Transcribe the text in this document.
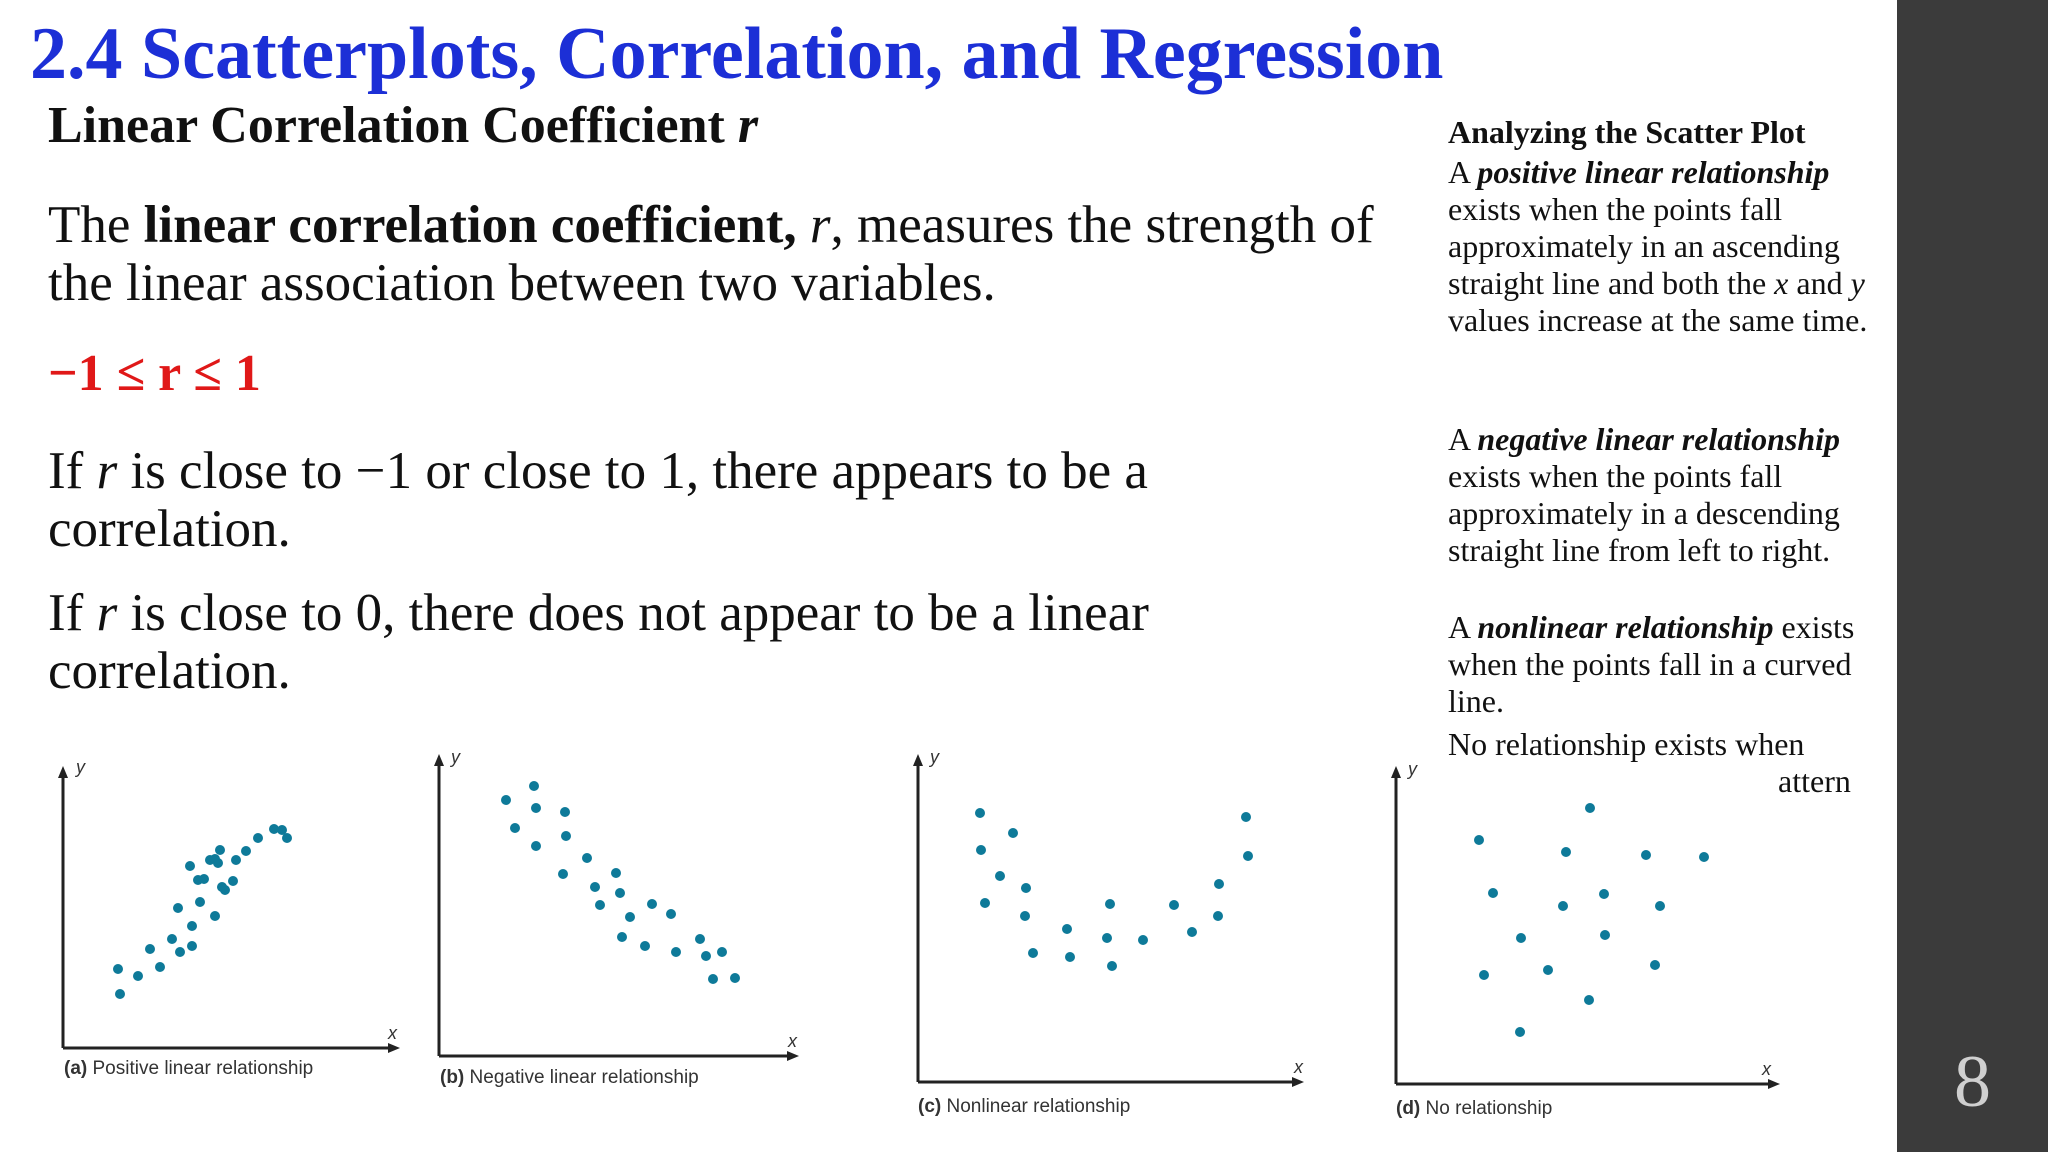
8
2.4 Scatterplots, Correlation, and Regression
Linear Correlation Coefficient r
The linear correlation coefficient, r, measures the strength of the linear association between two variables.
−1 ≤ r ≤ 1
If r is close to −1 or close to 1, there appears to be a correlation.
If r is close to 0, there does not appear to be a linear correlation.
Analyzing the Scatter Plot
A positive linear relationship exists when the points fall approximately in an ascending straight line and both the x and y values increase at the same time.
A negative linear relationship exists when the points fall approximately in a descending straight line from left to right.
A nonlinear relationship exists when the points fall in a curved line.
No relationship exists when
attern
y
x
(a) Positive linear relationship
y
x
(b) Negative linear relationship
y
x
(c) Nonlinear relationship
y
x
(d) No relationship
